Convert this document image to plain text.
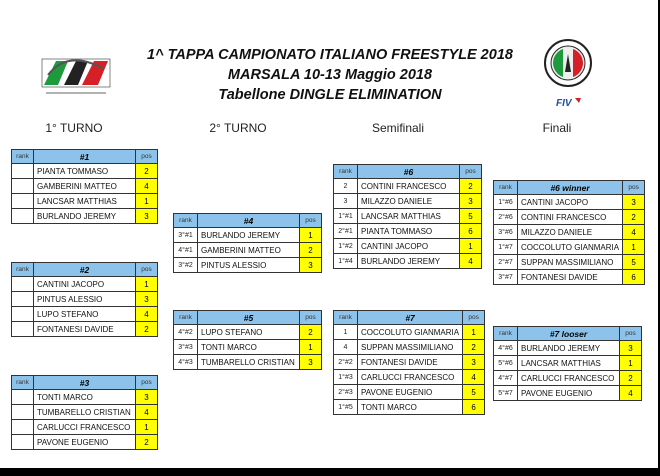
1^ TAPPA CAMPIONATO ITALIANO FREESTYLE 2018
MARSALA 10-13 Maggio 2018
Tabellone DINGLE ELIMINATION
FIV
1° TURNO	2° TURNO	Semifinali	Finali
rank	#1	pos
	PIANTA TOMMASO	2
	GAMBERINI MATTEO	4
	LANCSAR MATTHIAS	1
	BURLANDO JEREMY	3
rank	#2	pos
	CANTINI JACOPO	1
	PINTUS ALESSIO	3
	LUPO STEFANO	4
	FONTANESI DAVIDE	2
rank	#3	pos
	TONTI MARCO	3
	TUMBARELLO CRISTIAN	4
	CARLUCCI FRANCESCO	1
	PAVONE EUGENIO	2
rank	#4	pos
3°#1	BURLANDO JEREMY	1
4°#1	GAMBERINI MATTEO	2
3°#2	PINTUS ALESSIO	3
rank	#5	pos
4°#2	LUPO STEFANO	2
3°#3	TONTI MARCO	1
4°#3	TUMBARELLO CRISTIAN	3
rank	#6	pos
2	CONTINI FRANCESCO	2
3	MILAZZO DANIELE	3
1°#1	LANCSAR MATTHIAS	5
2°#1	PIANTA TOMMASO	6
1°#2	CANTINI JACOPO	1
1°#4	BURLANDO JEREMY	4
rank	#7	pos
1	COCCOLUTO GIANMARIA	1
4	SUPPAN MASSIMILIANO	2
2°#2	FONTANESI DAVIDE	3
1°#3	CARLUCCI FRANCESCO	4
2°#3	PAVONE EUGENIO	5
1°#5	TONTI MARCO	6
rank	#6 winner	pos
1°#6	CANTINI JACOPO	3
2°#6	CONTINI FRANCESCO	2
3°#6	MILAZZO DANIELE	4
1°#7	COCCOLUTO GIANMARIA	1
2°#7	SUPPAN MASSIMILIANO	5
3°#7	FONTANESI DAVIDE	6
rank	#7 looser	pos
4°#6	BURLANDO JEREMY	3
5°#6	LANCSAR MATTHIAS	1
4°#7	CARLUCCI FRANCESCO	2
5°#7	PAVONE EUGENIO	4
